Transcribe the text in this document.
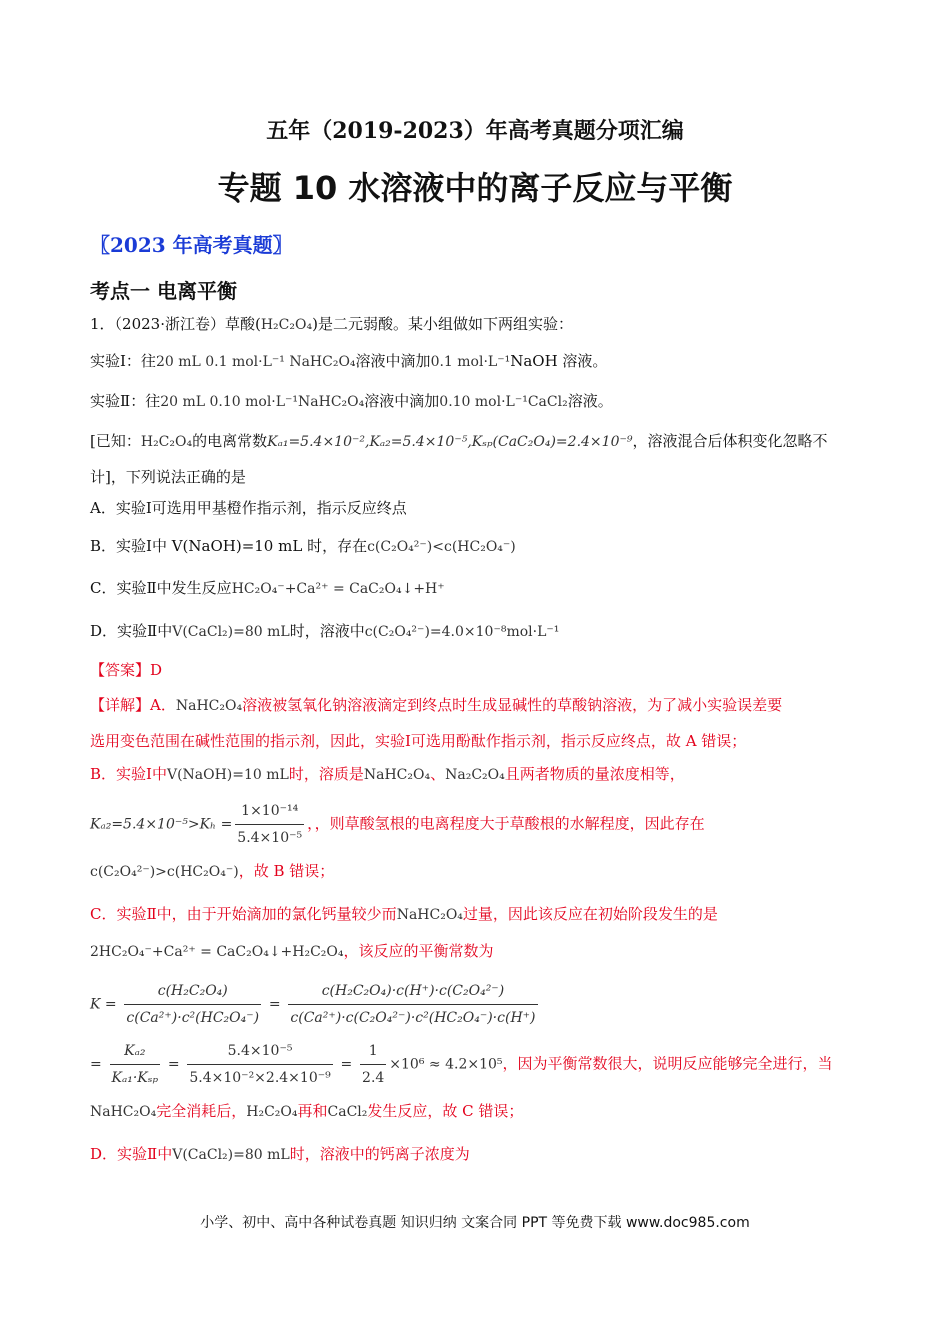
五年（2019-2023）年高考真题分项汇编
专题 10 水溶液中的离子反应与平衡
〖2023 年高考真题〗
考点一 电离平衡
1．（2023·浙江卷）草酸(H₂C₂O₄)是二元弱酸。某小组做如下两组实验：
实验Ⅰ：往20 mL 0.1 mol·L⁻¹ NaHC₂O₄溶液中滴加0.1 mol·L⁻¹NaOH 溶液。
实验Ⅱ：往20 mL 0.10 mol·L⁻¹NaHC₂O₄溶液中滴加0.10 mol·L⁻¹CaCl₂溶液。
[已知：H₂C₂O₄的电离常数Kₐ₁=5.4×10⁻²,Kₐ₂=5.4×10⁻⁵,Kₛₚ(CaC₂O₄)=2.4×10⁻⁹，溶液混合后体积变化忽略不
计]，下列说法正确的是
A．实验Ⅰ可选用甲基橙作指示剂，指示反应终点
B．实验Ⅰ中 V(NaOH)=10 mL 时，存在c(C₂O₄²⁻)<c(HC₂O₄⁻)
C．实验Ⅱ中发生反应HC₂O₄⁻+Ca²⁺ = CaC₂O₄↓+H⁺
D．实验Ⅱ中V(CaCl₂)=80 mL时，溶液中c(C₂O₄²⁻)=4.0×10⁻⁸mol·L⁻¹
【答案】D
【详解】A．NaHC₂O₄溶液被氢氧化钠溶液滴定到终点时生成显碱性的草酸钠溶液，为了减小实验误差要
选用变色范围在碱性范围的指示剂，因此，实验Ⅰ可选用酚酞作指示剂，指示反应终点，故 A 错误；
B．实验Ⅰ中V(NaOH)=10 mL时，溶质是NaHC₂O₄、Na₂C₂O₄且两者物质的量浓度相等，
$K_{a2}=5.4\times 10^{-5}>K_h = \frac{\text{1×10⁻¹⁴}}{\text{5.4×10⁻⁵}}$ ，，则草酸氢根的电离程度大于草酸根的水解程度，因此存在
c(C₂O₄²⁻)>c(HC₂O₄⁻)，故 B 错误；
C．实验Ⅱ中，由于开始滴加的氯化钙量较少而NaHC₂O₄过量，因此该反应在初始阶段发生的是
2HC₂O₄⁻+Ca²⁺ = CaC₂O₄↓+H₂C₂O₄，该反应的平衡常数为
$K = \frac{\text{c(H₂C₂O₄)}}{\text{c(Ca²⁺)·c²(HC₂O₄⁻)}} = \frac{\text{c(H₂C₂O₄)·c(H⁺)·c(C₂O₄²⁻)}}{\text{c(Ca²⁺)·c(C₂O₄²⁻)·c²(HC₂O₄⁻)·c(H⁺)}}$
= $\frac{\text{Kₐ₂}}{\text{Kₐ₁·Kₛₚ}} = \frac{\text{5.4×10⁻⁵}}{\text{5.4×10⁻²×2.4×10⁻⁹}} = \frac{1}{2.4} \times 10^6 \approx 4.2\times 10^5$，因为平衡常数很大，说明反应能够完全进行，当
NaHC₂O₄完全消耗后，H₂C₂O₄再和CaCl₂发生反应，故 C 错误；
D．实验Ⅱ中V(CaCl₂)=80 mL时，溶液中的钙离子浓度为
小学、初中、高中各种试卷真题 知识归纳 文案合同 PPT 等免费下载 www.doc985.com
